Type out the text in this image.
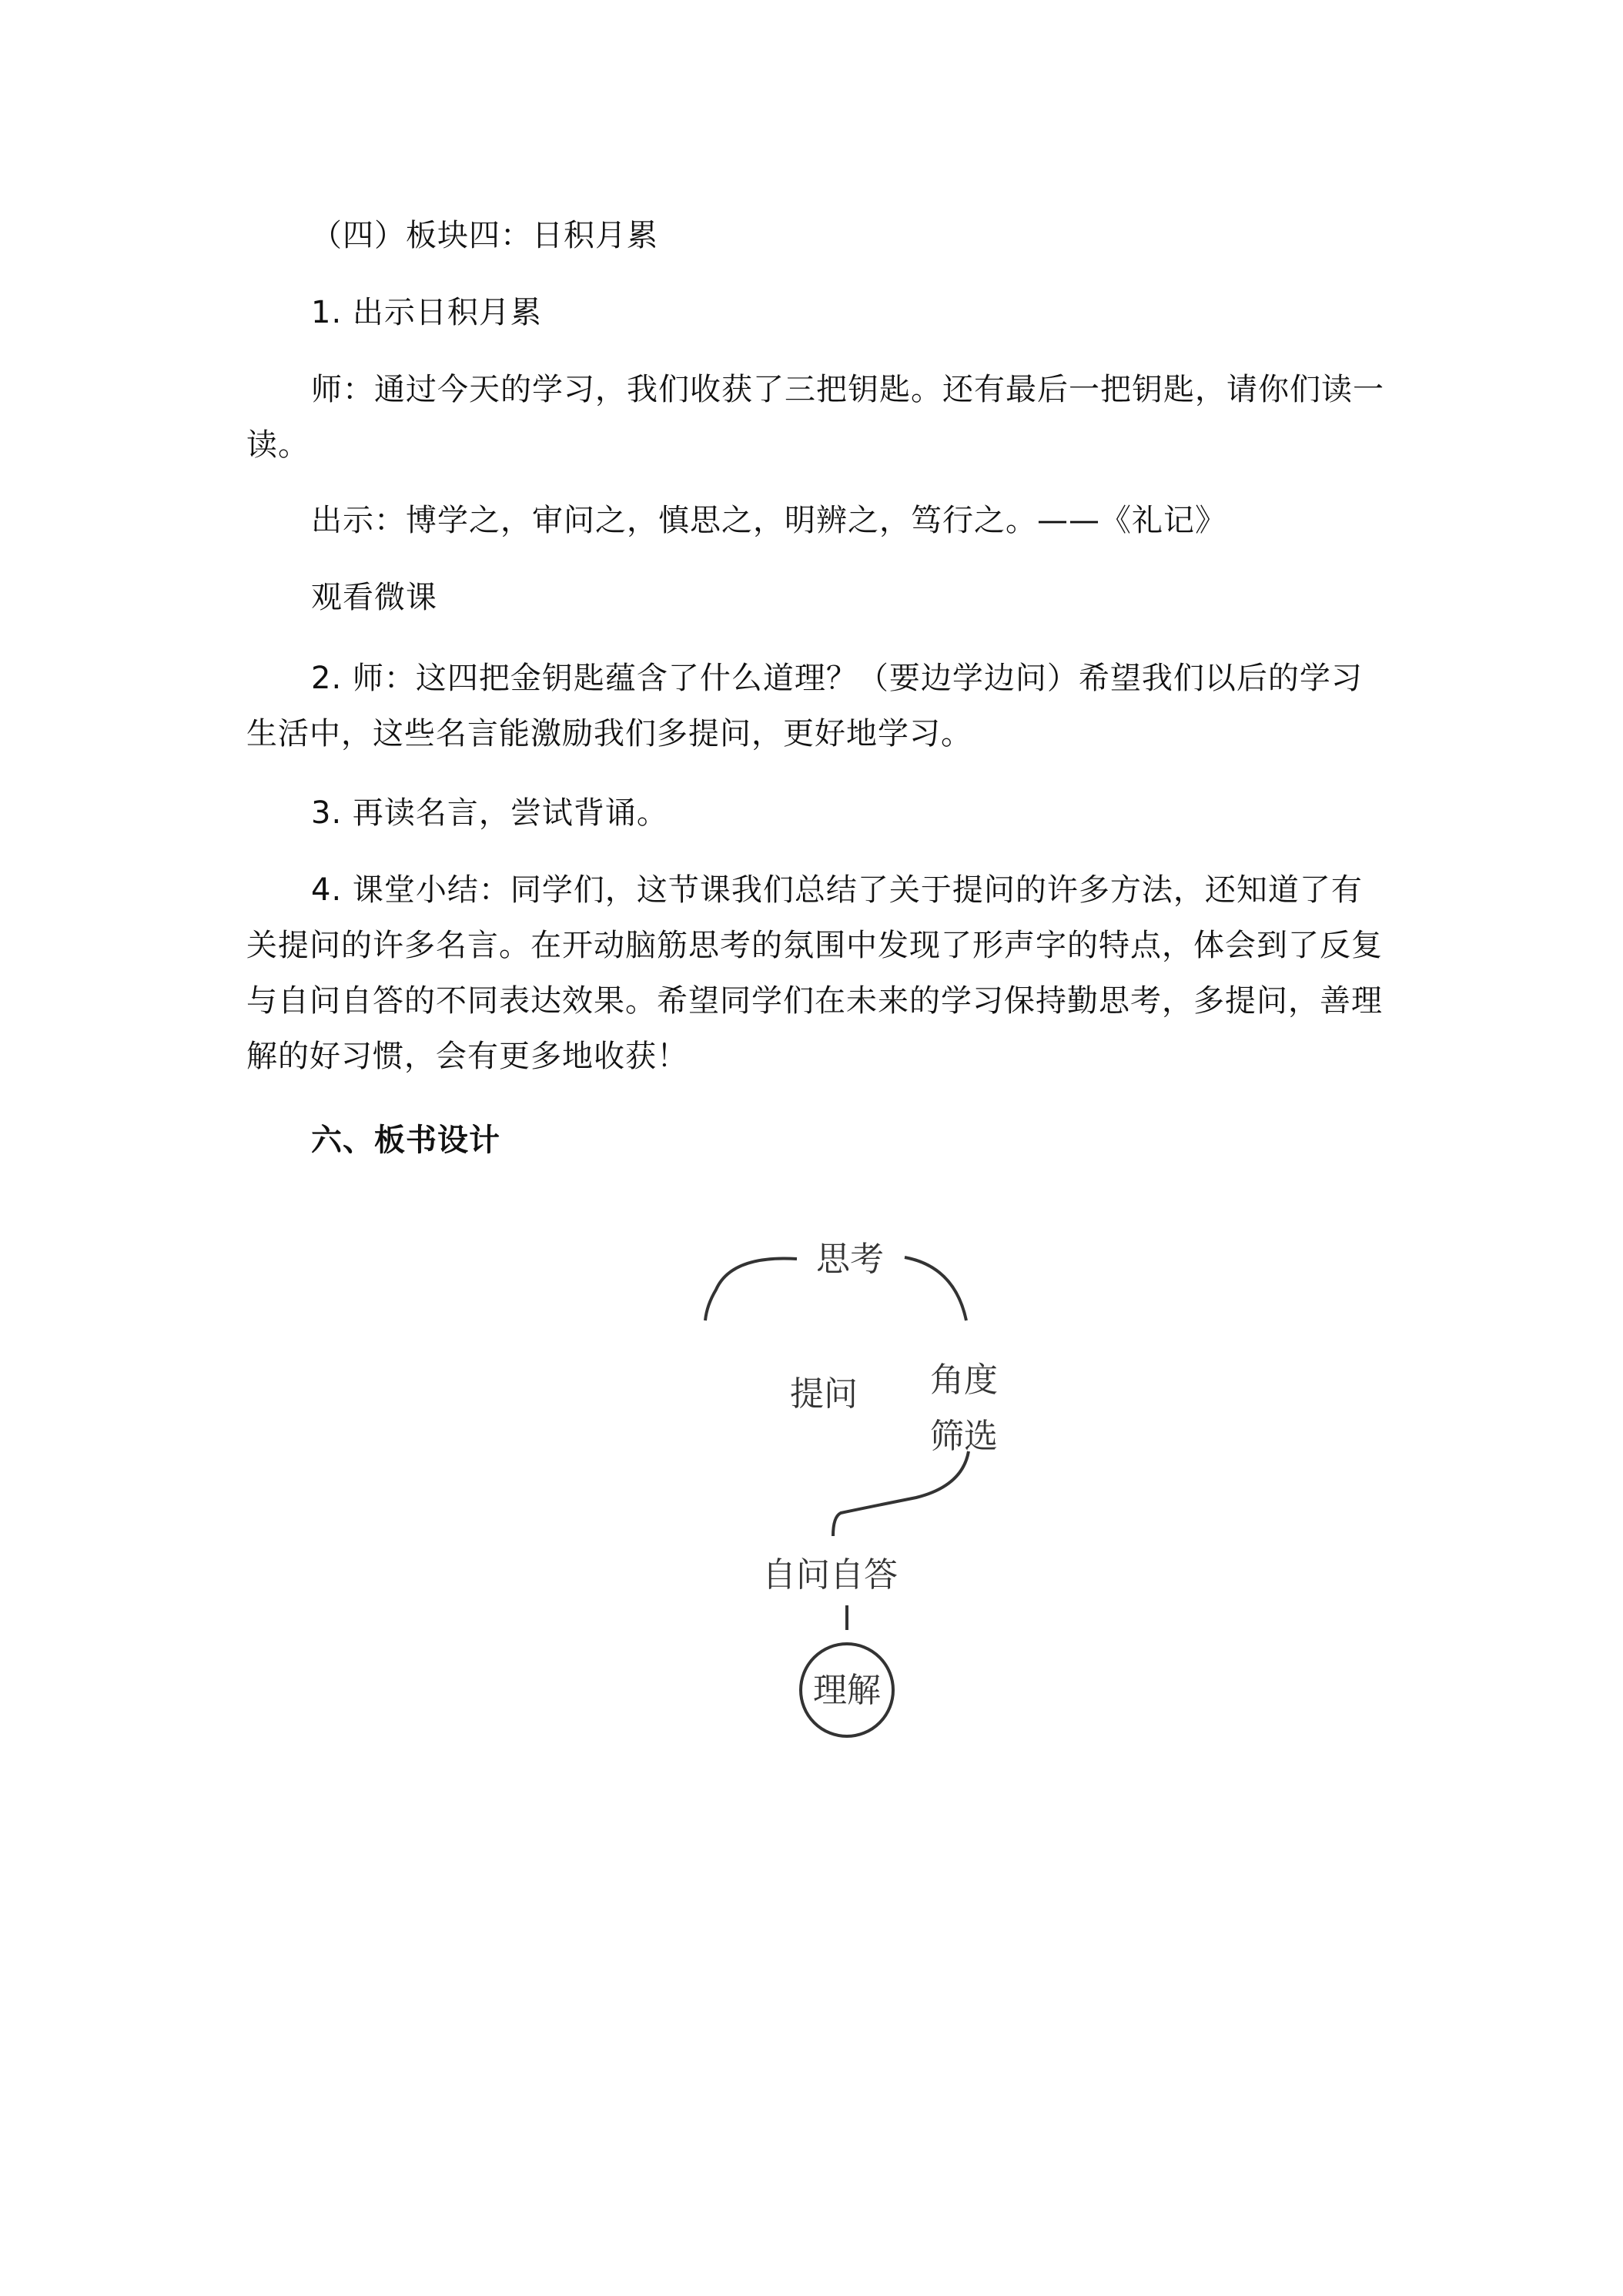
（四）板块四：日积月累

1. 出示日积月累

师：通过今天的学习，我们收获了三把钥匙。还有最后一把钥匙，请你们读一读。

出示：博学之，审问之，慎思之，明辨之，笃行之。——《礼记》

观看微课

2. 师：这四把金钥匙蕴含了什么道理？（要边学边问）希望我们以后的学习生活中，这些名言能激励我们多提问，更好地学习。

3. 再读名言，尝试背诵。

4. 课堂小结：同学们，这节课我们总结了关于提问的许多方法，还知道了有关提问的许多名言。在开动脑筋思考的氛围中发现了形声字的特点，体会到了反复与自问自答的不同表达效果。希望同学们在未来的学习保持勤思考，多提问，善理解的好习惯，会有更多地收获！

六、板书设计

思考
提问 角度
筛选
自问自答
理解
